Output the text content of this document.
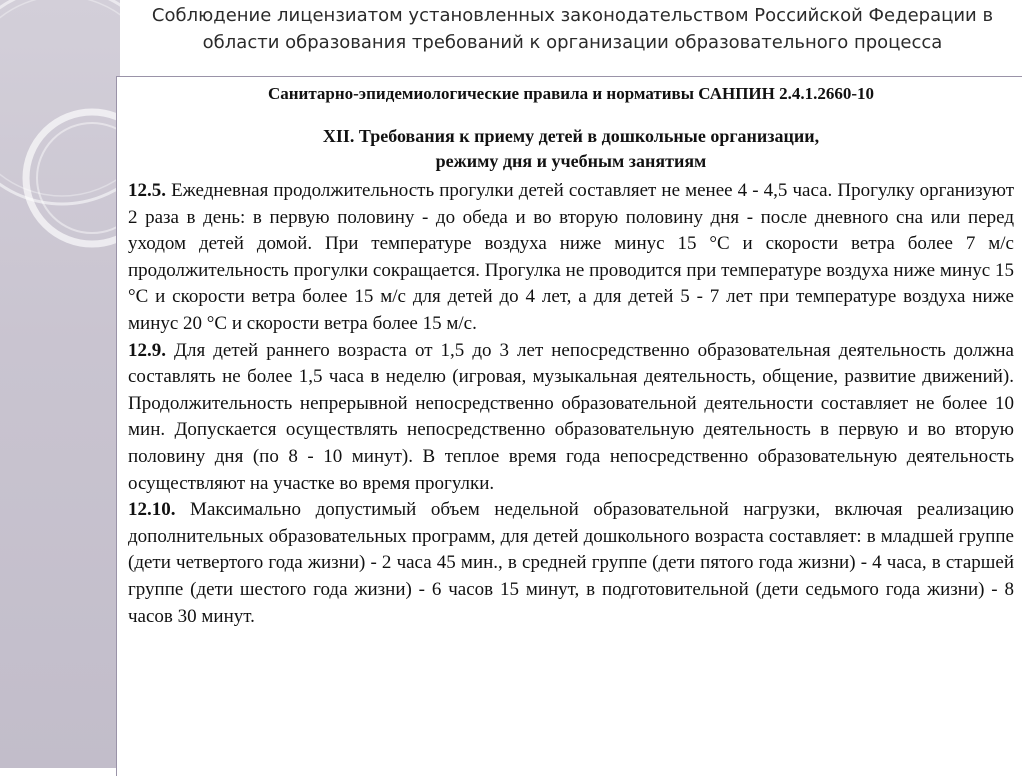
Соблюдение лицензиатом установленных законодательством Российской Федерации в области образования требований к организации образовательного процесса

Санитарно-эпидемиологические правила и нормативы САНПИН 2.4.1.2660-10

XII. Требования к приему детей в дошкольные организации,
режиму дня и учебным занятиям

12.5. Ежедневная продолжительность прогулки детей составляет не менее 4 - 4,5 часа. Прогулку организуют 2 раза в день: в первую половину - до обеда и во вторую половину дня - после дневного сна или перед уходом детей домой. При температуре воздуха ниже минус 15 °С и скорости ветра более 7 м/с продолжительность прогулки сокращается. Прогулка не проводится при температуре воздуха ниже минус 15 °С и скорости ветра более 15 м/с для детей до 4 лет, а для детей 5 - 7 лет при температуре воздуха ниже минус 20 °С и скорости ветра более 15 м/с.

12.9. Для детей раннего возраста от 1,5 до 3 лет непосредственно образовательная деятельность должна составлять не более 1,5 часа в неделю (игровая, музыкальная деятельность, общение, развитие движений). Продолжительность непрерывной непосредственно образовательной деятельности составляет не более 10 мин. Допускается осуществлять непосредственно образовательную деятельность в первую и во вторую половину дня (по 8 - 10 минут). В теплое время года непосредственно образовательную деятельность осуществляют на участке во время прогулки.

12.10. Максимально допустимый объем недельной образовательной нагрузки, включая реализацию дополнительных образовательных программ, для детей дошкольного возраста составляет: в младшей группе (дети четвертого года жизни) - 2 часа 45 мин., в средней группе (дети пятого года жизни) - 4 часа, в старшей группе (дети шестого года жизни) - 6 часов 15 минут, в подготовительной (дети седьмого года жизни) - 8 часов 30 минут.
